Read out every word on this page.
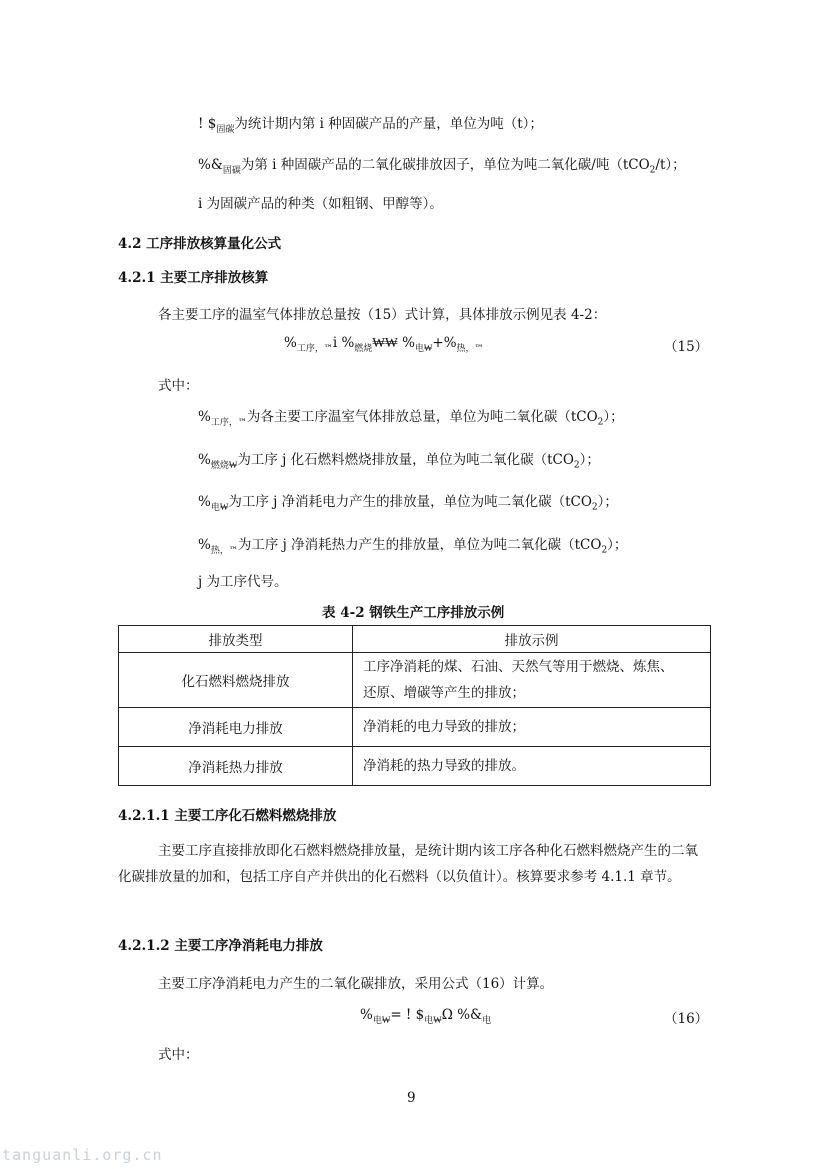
! $\$_{固碳}$为统计期内第 i 种固碳产品的产量，单位为吨（t）；
$\%\&_{固碳}$为第 i 种固碳产品的二氧化碳排放因子，单位为吨二氧化碳/吨（tCO$_2$/t）；
i 为固碳产品的种类（如粗钢、甲醇等）。
4.2 工序排放核算量化公式
4.2.1 主要工序排放核算
各主要工序的温室气体排放总量按（15）式计算，具体排放示例见表 4-2：
$\%_{工序,™}i$ $\%_{燃烧}₩₩$ $\%_{电₩}+\%_{热,™}$	（15）
式中：
$\%_{工序,™}$为各主要工序温室气体排放总量，单位为吨二氧化碳（tCO$_2$）；
$\%_{燃烧₩}$为工序 j 化石燃料燃烧排放量，单位为吨二氧化碳（tCO$_2$）；
$\%_{电₩}$为工序 j 净消耗电力产生的排放量，单位为吨二氧化碳（tCO$_2$）；
$\%_{热,™}$为工序 j 净消耗热力产生的排放量，单位为吨二氧化碳（tCO$_2$）；
j 为工序代号。
表 4-2 钢铁生产工序排放示例
排放类型	排放示例
化石燃料燃烧排放	工序净消耗的煤、石油、天然气等用于燃烧、炼焦、
还原、增碳等产生的排放；

净消耗电力排放	净消耗的电力导致的排放；
净消耗热力排放	净消耗的热力导致的排放。
4.2.1.1 主要工序化石燃料燃烧排放
主要工序直接排放即化石燃料燃烧排放量，是统计期内该工序各种化石燃料燃烧产生的二氧化碳排放量的加和，包括工序自产并供出的化石燃料（以负值计）。核算要求参考 4.1.1 章节。
4.2.1.2 主要工序净消耗电力排放
主要工序净消耗电力产生的二氧化碳排放，采用公式（16）计算。
$\%_{电₩}=$ ! $\$_{电₩}\Omega$ $\%\&_电$	（16）
式中：
9
tanguanli.org.cn
